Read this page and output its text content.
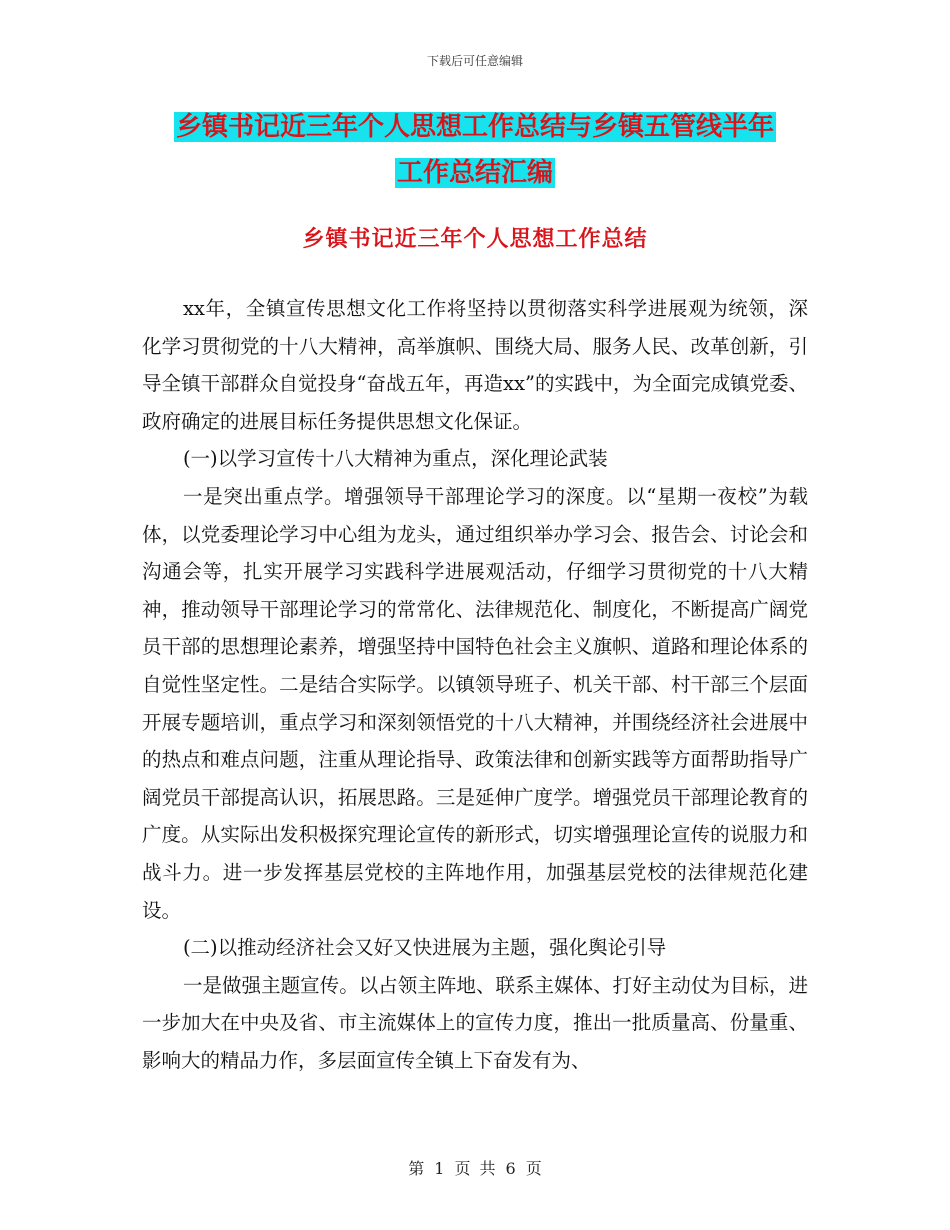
下载后可任意编辑
乡镇书记近三年个人思想工作总结与乡镇五管线半年
工作总结汇编
乡镇书记近三年个人思想工作总结

xx年，全镇宣传思想文化工作将坚持以贯彻落实科学进展观为统领，深化学习贯彻党的十八大精神，高举旗帜、围绕大局、服务人民、改革创新，引导全镇干部群众自觉投身“奋战五年，再造xx”的实践中，为全面完成镇党委、政府确定的进展目标任务提供思想文化保证。

(一)以学习宣传十八大精神为重点，深化理论武装

一是突出重点学。增强领导干部理论学习的深度。以“星期一夜校”为载体，以党委理论学习中心组为龙头，通过组织举办学习会、报告会、讨论会和沟通会等，扎实开展学习实践科学进展观活动，仔细学习贯彻党的十八大精神，推动领导干部理论学习的常常化、法律规范化、制度化，不断提高广阔党员干部的思想理论素养，增强坚持中国特色社会主义旗帜、道路和理论体系的自觉性坚定性。二是结合实际学。以镇领导班子、机关干部、村干部三个层面开展专题培训，重点学习和深刻领悟党的十八大精神，并围绕经济社会进展中的热点和难点问题，注重从理论指导、政策法律和创新实践等方面帮助指导广阔党员干部提高认识，拓展思路。三是延伸广度学。增强党员干部理论教育的广度。从实际出发积极探究理论宣传的新形式，切实增强理论宣传的说服力和战斗力。进一步发挥基层党校的主阵地作用，加强基层党校的法律规范化建设。

(二)以推动经济社会又好又快进展为主题，强化舆论引导

一是做强主题宣传。以占领主阵地、联系主媒体、打好主动仗为目标，进一步加大在中央及省、市主流媒体上的宣传力度，推出一批质量高、份量重、影响大的精品力作，多层面宣传全镇上下奋发有为、

第 1 页 共 6 页
